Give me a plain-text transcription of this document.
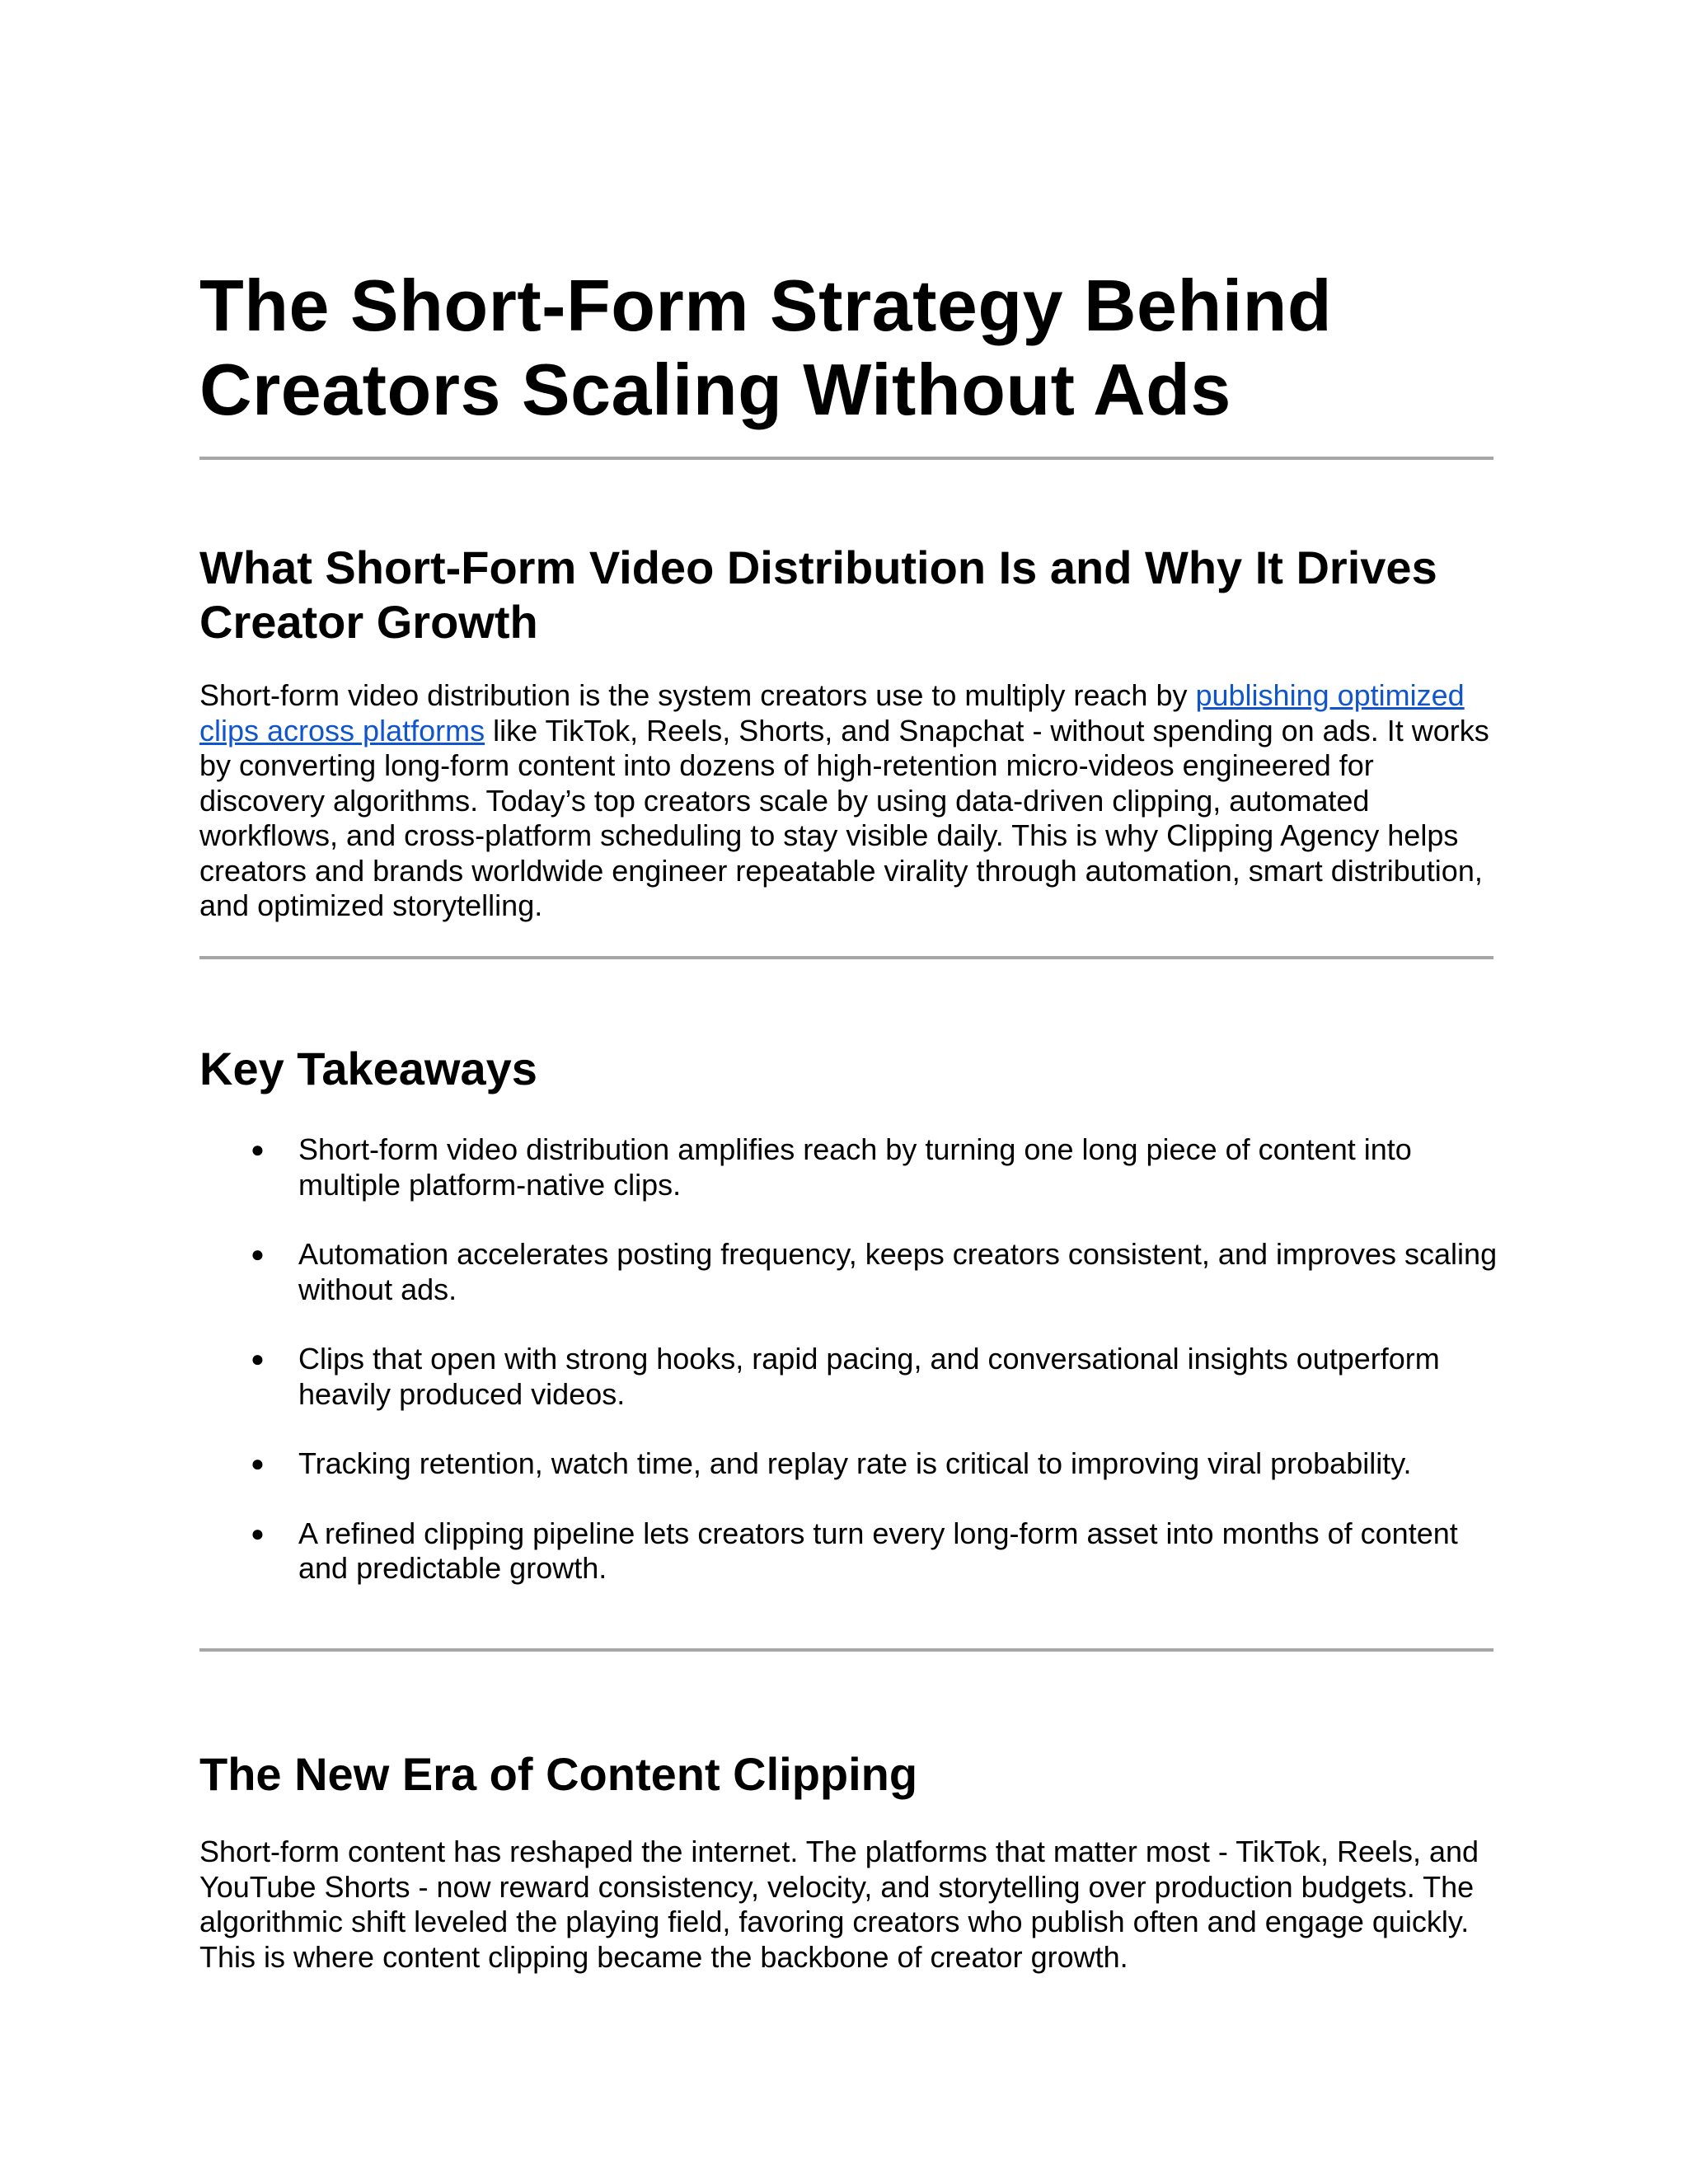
The Short-Form Strategy Behind Creators Scaling Without Ads
What Short-Form Video Distribution Is and Why It Drives Creator Growth

Short-form video distribution is the system creators use to multiply reach by publishing optimized clips across platforms like TikTok, Reels, Shorts, and Snapchat - without spending on ads. It works by converting long-form content into dozens of high-retention micro-videos engineered for discovery algorithms. Today’s top creators scale by using data-driven clipping, automated workflows, and cross-platform scheduling to stay visible daily. This is why Clipping Agency helps creators and brands worldwide engineer repeatable virality through automation, smart distribution, and optimized storytelling.

Key Takeaways
● Short-form video distribution amplifies reach by turning one long piece of content into multiple platform-native clips.
● Automation accelerates posting frequency, keeps creators consistent, and improves scaling without ads.
● Clips that open with strong hooks, rapid pacing, and conversational insights outperform heavily produced videos.
● Tracking retention, watch time, and replay rate is critical to improving viral probability.
● A refined clipping pipeline lets creators turn every long-form asset into months of content and predictable growth.
The New Era of Content Clipping

Short-form content has reshaped the internet. The platforms that matter most - TikTok, Reels, and YouTube Shorts - now reward consistency, velocity, and storytelling over production budgets. The algorithmic shift leveled the playing field, favoring creators who publish often and engage quickly. This is where content clipping became the backbone of creator growth.
